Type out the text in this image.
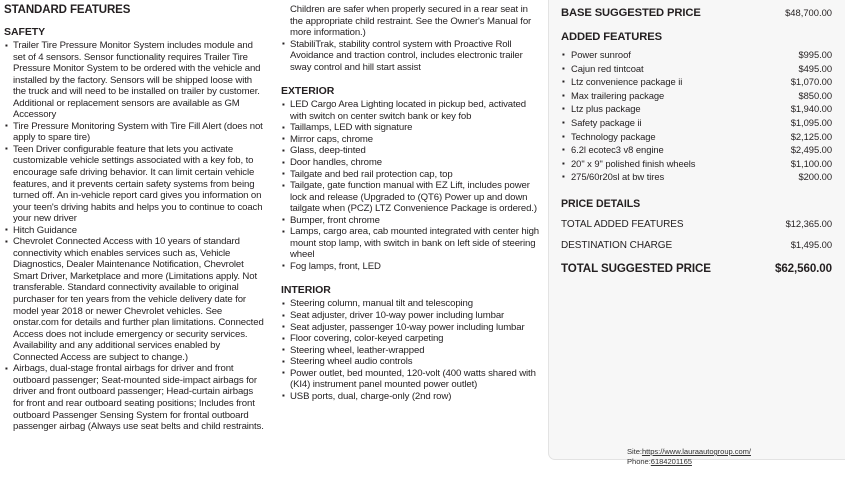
STANDARD FEATURES
SAFETY
▪ Trailer Tire Pressure Monitor System includes module and set of 4 sensors. Sensor functionality requires Trailer Tire Pressure Monitor System to be ordered with the vehicle and installed by the factory. Sensors will be shipped loose with the truck and will need to be installed on trailer by customer. Additional or replacement sensors are available as GM Accessory
▪ Tire Pressure Monitoring System with Tire Fill Alert (does not apply to spare tire)
▪ Teen Driver configurable feature that lets you activate customizable vehicle settings associated with a key fob, to encourage safe driving behavior. It can limit certain vehicle features, and it prevents certain safety systems from being turned off. An in-vehicle report card gives you information on your teen's driving habits and helps you to continue to coach your new driver
▪ Hitch Guidance
▪ Chevrolet Connected Access with 10 years of standard connectivity which enables services such as, Vehicle Diagnostics, Dealer Maintenance Notification, Chevrolet Smart Driver, Marketplace and more (Limitations apply. Not transferable. Standard connectivity available to original purchaser for ten years from the vehicle delivery date for model year 2018 or newer Chevrolet vehicles. See onstar.com for details and further plan limitations. Connected Access does not include emergency or security services. Availability and any additional services enabled by Connected Access are subject to change.)
▪ Airbags, dual-stage frontal airbags for driver and front outboard passenger; Seat-mounted side-impact airbags for driver and front outboard passenger; Head-curtain airbags for front and rear outboard seating positions; Includes front outboard Passenger Sensing System for frontal outboard passenger airbag (Always use seat belts and child restraints.
Children are safer when properly secured in a rear seat in the appropriate child restraint. See the Owner's Manual for more information.)
▪ StabiliTrak, stability control system with Proactive Roll Avoidance and traction control, includes electronic trailer sway control and hill start assist
EXTERIOR
▪ LED Cargo Area Lighting located in pickup bed, activated with switch on center switch bank or key fob
▪ Taillamps, LED with signature
▪ Mirror caps, chrome
▪ Glass, deep-tinted
▪ Door handles, chrome
▪ Tailgate and bed rail protection cap, top
▪ Tailgate, gate function manual with EZ Lift, includes power lock and release (Upgraded to (QT6) Power up and down tailgate when (PCZ) LTZ Convenience Package is ordered.)
▪ Bumper, front chrome
▪ Lamps, cargo area, cab mounted integrated with center high mount stop lamp, with switch in bank on left side of steering wheel
▪ Fog lamps, front, LED
INTERIOR
▪ Steering column, manual tilt and telescoping
▪ Seat adjuster, driver 10-way power including lumbar
▪ Seat adjuster, passenger 10-way power including lumbar
▪ Floor covering, color-keyed carpeting
▪ Steering wheel, leather-wrapped
▪ Steering wheel audio controls
▪ Power outlet, bed mounted, 120-volt (400 watts shared with (KI4) instrument panel mounted power outlet)
▪ USB ports, dual, charge-only (2nd row)
BASE SUGGESTED PRICE	$48,700.00
ADDED FEATURES
▪ Power sunroof	$995.00
▪ Cajun red tintcoat	$495.00
▪ Ltz convenience package ii	$1,070.00
▪ Max trailering package	$850.00
▪ Ltz plus package	$1,940.00
▪ Safety package ii	$1,095.00
▪ Technology package	$2,125.00
▪ 6.2l ecotec3 v8 engine	$2,495.00
▪ 20" x 9" polished finish wheels	$1,100.00
▪ 275/60r20sl at bw tires	$200.00
PRICE DETAILS
TOTAL ADDED FEATURES	$12,365.00
DESTINATION CHARGE	$1,495.00
TOTAL SUGGESTED PRICE	$62,560.00
Site:https://www.lauraautogroup.com/
Phone:6184201165
